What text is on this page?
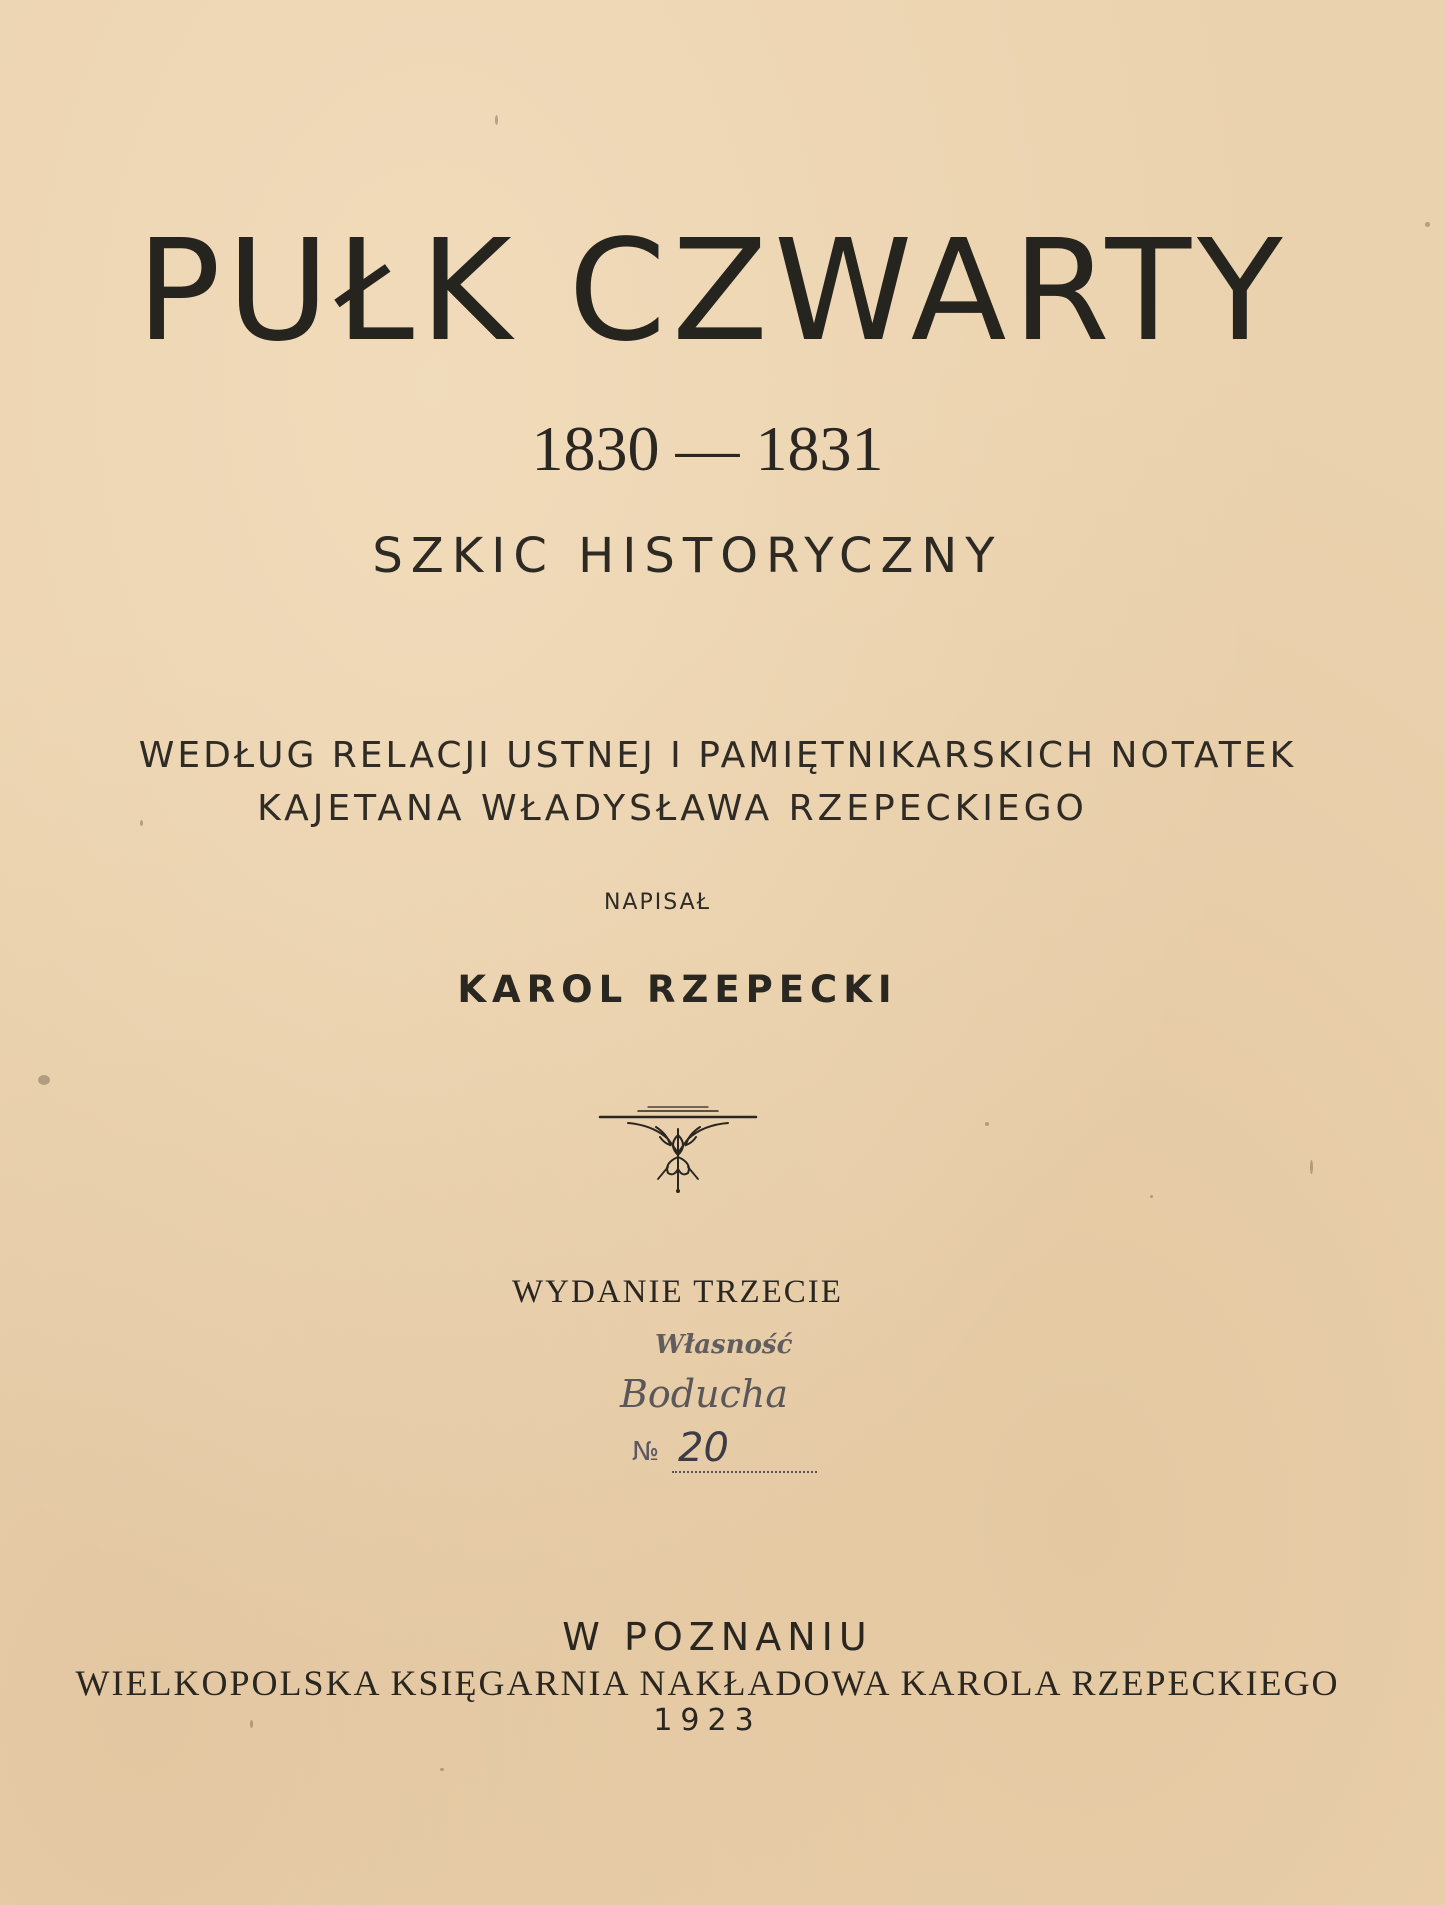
PUŁK CZWARTY
1830 — 1831
SZKIC HISTORYCZNY
WEDŁUG RELACJI USTNEJ I PAMIĘTNIKARSKICH NOTATEK
KAJETANA WŁADYSŁAWA RZEPECKIEGO
NAPISAŁ
KAROL RZEPECKI
WYDANIE TRZECIE
Własność
Boducha
№ 20
W POZNANIU
WIELKOPOLSKA KSIĘGARNIA NAKŁADOWA KAROLA RZEPECKIEGO
1923
